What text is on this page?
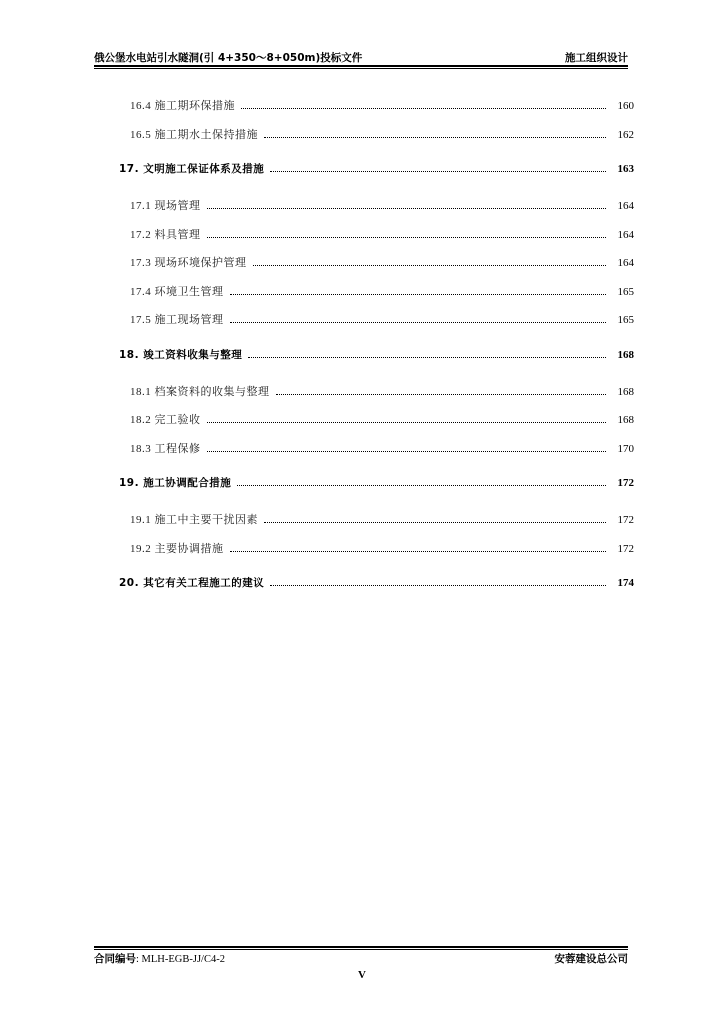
俄公堡水电站引水隧洞(引 4+350～8+050m)投标文件	施工组织设计
16.4 施工期环保措施	160
16.5 施工期水土保持措施	162
17. 文明施工保证体系及措施	163
17.1 现场管理	164
17.2 料具管理	164
17.3 现场环境保护管理	164
17.4 环境卫生管理	165
17.5 施工现场管理	165
18. 竣工资料收集与整理	168
18.1 档案资料的收集与整理	168
18.2 完工验收	168
18.3 工程保修	170
19. 施工协调配合措施	172
19.1 施工中主要干扰因素	172
19.2 主要协调措施	172
20. 其它有关工程施工的建议	174
合同编号: MLH-EGB-JJ/C4-2	安蓉建设总公司
V
